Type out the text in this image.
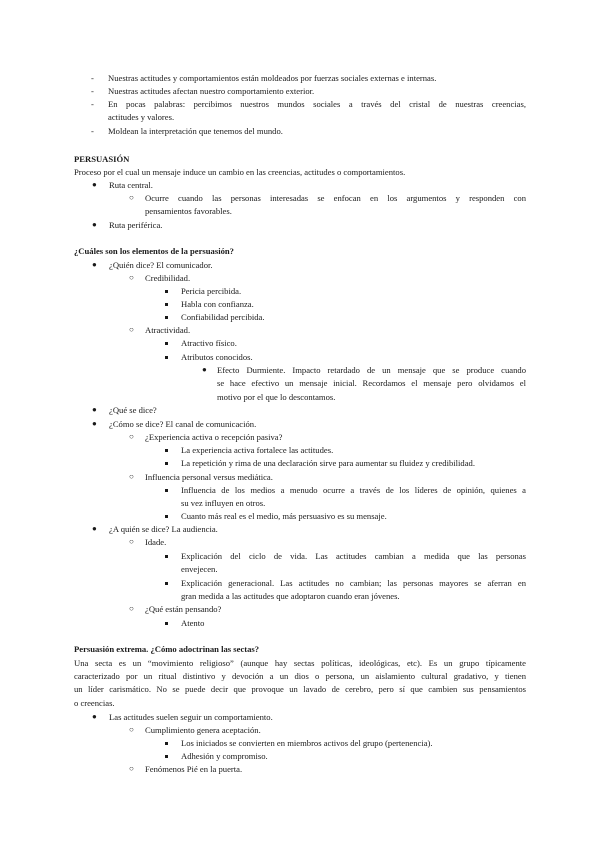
- Nuestras actitudes y comportamientos están moldeados por fuerzas sociales externas e internas.
- Nuestras actitudes afectan nuestro comportamiento exterior.
- En pocas palabras: percibimos nuestros mundos sociales a través del cristal de nuestras creencias,
actitudes y valores.
- Moldean la interpretación que tenemos del mundo.
PERSUASIÓN
Proceso por el cual un mensaje induce un cambio en las creencias, actitudes o comportamientos.
● Ruta central.
○ Ocurre cuando las personas interesadas se enfocan en los argumentos y responden con
pensamientos favorables.
● Ruta periférica.
¿Cuáles son los elementos de la persuasión?
● ¿Quién dice? El comunicador.
○ Credibilidad.
Pericia percibida.
Habla con confianza.
Confiabilidad percibida.
○ Atractividad.
Atractivo físico.
Atributos conocidos.
● Efecto Durmiente. Impacto retardado de un mensaje que se produce cuando
se hace efectivo un mensaje inicial. Recordamos el mensaje pero olvidamos el
motivo por el que lo descontamos.
● ¿Qué se dice?
● ¿Cómo se dice? El canal de comunicación.
○ ¿Experiencia activa o recepción pasiva?
La experiencia activa fortalece las actitudes.
La repetición y rima de una declaración sirve para aumentar su fluidez y credibilidad.
○ Influencia personal versus mediática.
Influencia de los medios a menudo ocurre a través de los líderes de opinión, quienes a
su vez influyen en otros.
Cuanto más real es el medio, más persuasivo es su mensaje.
● ¿A quién se dice? La audiencia.
○ Idade.
Explicación del ciclo de vida. Las actitudes cambian a medida que las personas
envejecen.
Explicación generacional. Las actitudes no cambian; las personas mayores se aferran en
gran medida a las actitudes que adoptaron cuando eran jóvenes.
○ ¿Qué están pensando?
Atento
Persuasión extrema. ¿Cómo adoctrinan las sectas?
Una secta es un “movimiento religioso” (aunque hay sectas políticas, ideológicas, etc). Es un grupo típicamente
caracterizado por un ritual distintivo y devoción a un dios o persona, un aislamiento cultural gradativo, y tienen
un líder carismático. No se puede decir que provoque un lavado de cerebro, pero sí que cambien sus pensamientos
o creencias.
● Las actitudes suelen seguir un comportamiento.
○ Cumplimiento genera aceptación.
Los iniciados se convierten en miembros activos del grupo (pertenencia).
Adhesión y compromiso.
○ Fenómenos Pié en la puerta.
